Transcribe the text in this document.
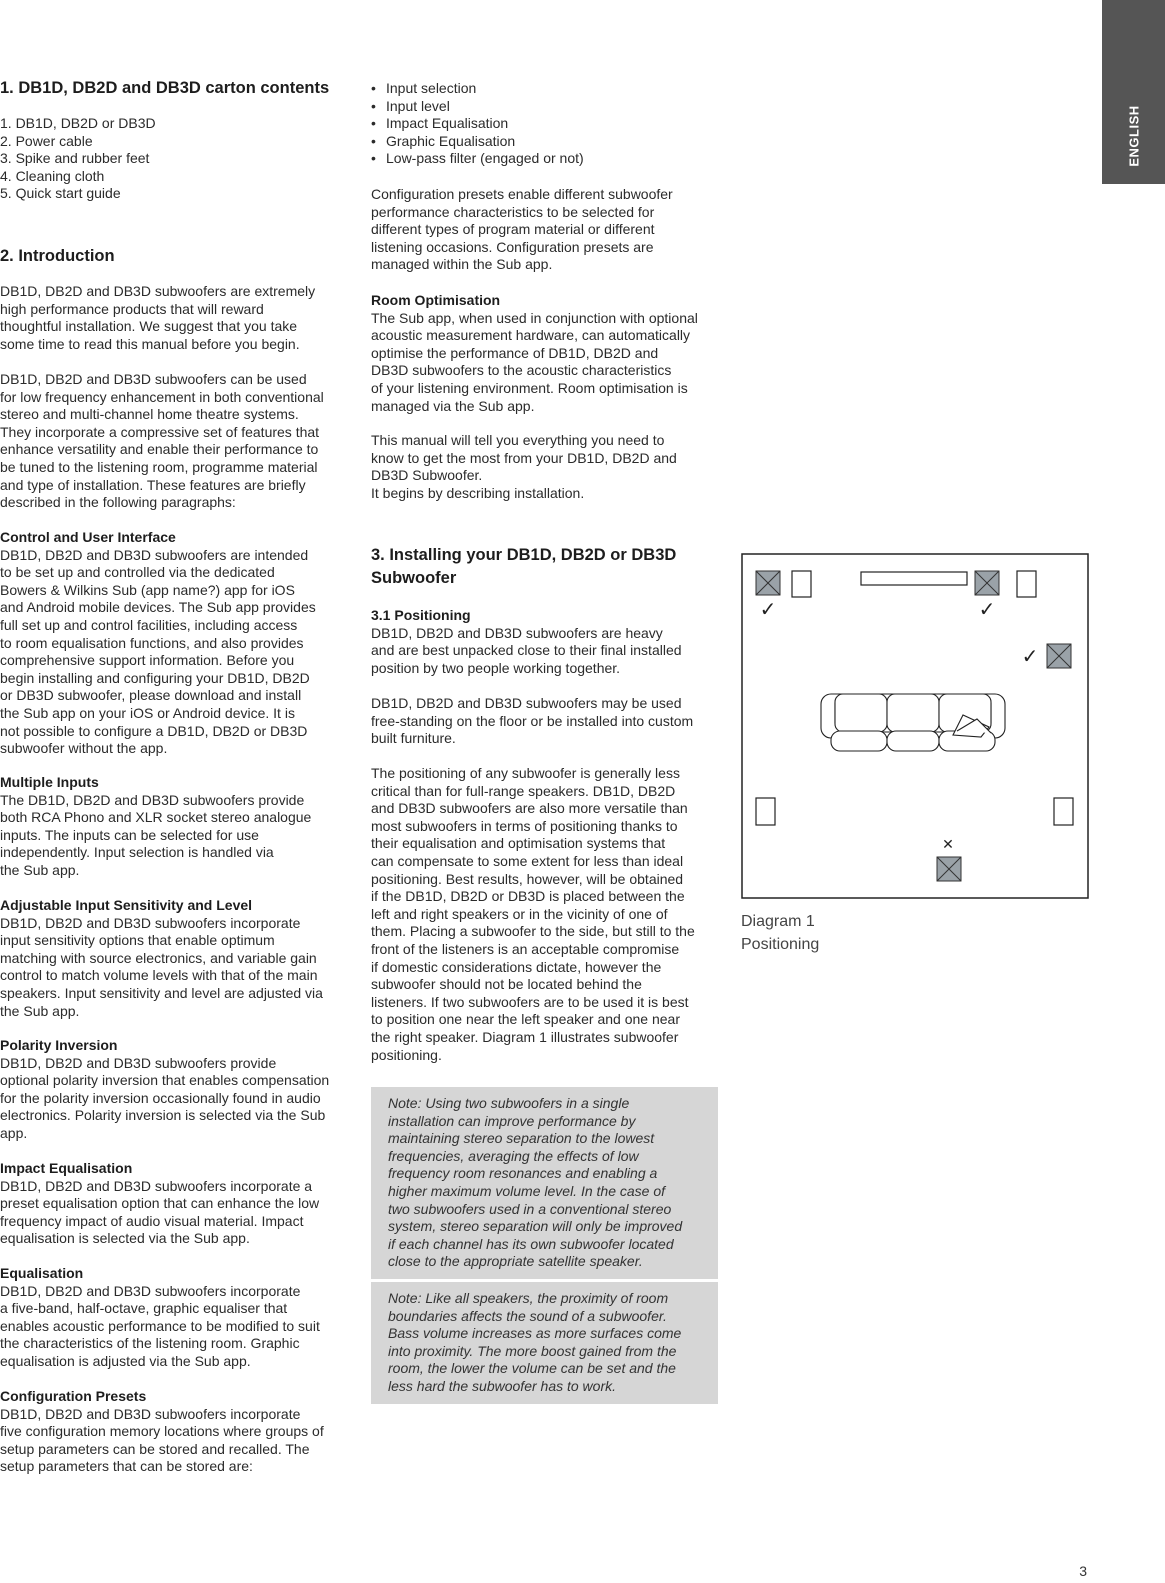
ENGLISH
1. DB1D, DB2D and DB3D carton contents
1. DB1D, DB2D or DB3D
2. Power cable
3. Spike and rubber feet
4. Cleaning cloth
5. Quick start guide
2. Introduction
DB1D, DB2D and DB3D subwoofers are extremely
high performance products that will reward
thoughtful installation. We suggest that you take
some time to read this manual before you begin.
DB1D, DB2D and DB3D subwoofers can be used
for low frequency enhancement in both conventional
stereo and multi-channel home theatre systems.
They incorporate a compressive set of features that
enhance versatility and enable their performance to
be tuned to the listening room, programme material
and type of installation. These features are briefly
described in the following paragraphs:
Control and User Interface
DB1D, DB2D and DB3D subwoofers are intended
to be set up and controlled via the dedicated
Bowers & Wilkins Sub (app name?) app for iOS
and Android mobile devices. The Sub app provides
full set up and control facilities, including access
to room equalisation functions, and also provides
comprehensive support information. Before you
begin installing and configuring your DB1D, DB2D
or DB3D subwoofer, please download and install
the Sub app on your iOS or Android device. It is
not possible to configure a DB1D, DB2D or DB3D
subwoofer without the app.
Multiple Inputs
The DB1D, DB2D and DB3D subwoofers provide
both RCA Phono and XLR socket stereo analogue
inputs. The inputs can be selected for use
independently. Input selection is handled via
the Sub app.
Adjustable Input Sensitivity and Level
DB1D, DB2D and DB3D subwoofers incorporate
input sensitivity options that enable optimum
matching with source electronics, and variable gain
control to match volume levels with that of the main
speakers. Input sensitivity and level are adjusted via
the Sub app.
Polarity Inversion
DB1D, DB2D and DB3D subwoofers provide
optional polarity inversion that enables compensation
for the polarity inversion occasionally found in audio
electronics. Polarity inversion is selected via the Sub
app.
Impact Equalisation
DB1D, DB2D and DB3D subwoofers incorporate a
preset equalisation option that can enhance the low
frequency impact of audio visual material. Impact
equalisation is selected via the Sub app.
Equalisation
DB1D, DB2D and DB3D subwoofers incorporate
a five-band, half-octave, graphic equaliser that
enables acoustic performance to be modified to suit
the characteristics of the listening room. Graphic
equalisation is adjusted via the Sub app.
Configuration Presets
DB1D, DB2D and DB3D subwoofers incorporate
five configuration memory locations where groups of
setup parameters can be stored and recalled. The
setup parameters that can be stored are:
• Input selection
• Input level
• Impact Equalisation
• Graphic Equalisation
• Low-pass filter (engaged or not)
Configuration presets enable different subwoofer
performance characteristics to be selected for
different types of program material or different
listening occasions. Configuration presets are
managed within the Sub app.
Room Optimisation
The Sub app, when used in conjunction with optional
acoustic measurement hardware, can automatically
optimise the performance of DB1D, DB2D and
DB3D subwoofers to the acoustic characteristics
of your listening environment. Room optimisation is
managed via the Sub app.
This manual will tell you everything you need to
know to get the most from your DB1D, DB2D and
DB3D Subwoofer.
It begins by describing installation.
3. Installing your DB1D, DB2D or DB3D
Subwoofer
3.1 Positioning
DB1D, DB2D and DB3D subwoofers are heavy
and are best unpacked close to their final installed
position by two people working together.
DB1D, DB2D and DB3D subwoofers may be used
free-standing on the floor or be installed into custom
built furniture.
The positioning of any subwoofer is generally less
critical than for full-range speakers. DB1D, DB2D
and DB3D subwoofers are also more versatile than
most subwoofers in terms of positioning thanks to
their equalisation and optimisation systems that
can compensate to some extent for less than ideal
positioning. Best results, however, will be obtained
if the DB1D, DB2D or DB3D is placed between the
left and right speakers or in the vicinity of one of
them. Placing a subwoofer to the side, but still to the
front of the listeners is an acceptable compromise
if domestic considerations dictate, however the
subwoofer should not be located behind the
listeners. If two subwoofers are to be used it is best
to position one near the left speaker and one near
the right speaker. Diagram 1 illustrates subwoofer
positioning.
Note: Using two subwoofers in a single
installation can improve performance by
maintaining stereo separation to the lowest
frequencies, averaging the effects of low
frequency room resonances and enabling a
higher maximum volume level. In the case of
two subwoofers used in a conventional stereo
system, stereo separation will only be improved
if each channel has its own subwoofer located
close to the appropriate satellite speaker.
Note: Like all speakers, the proximity of room
boundaries affects the sound of a subwoofer.
Bass volume increases as more surfaces come
into proximity. The more boost gained from the
room, the lower the volume can be set and the
less hard the subwoofer has to work.
✓	✓
✓
✕
Diagram 1
Positioning
3
